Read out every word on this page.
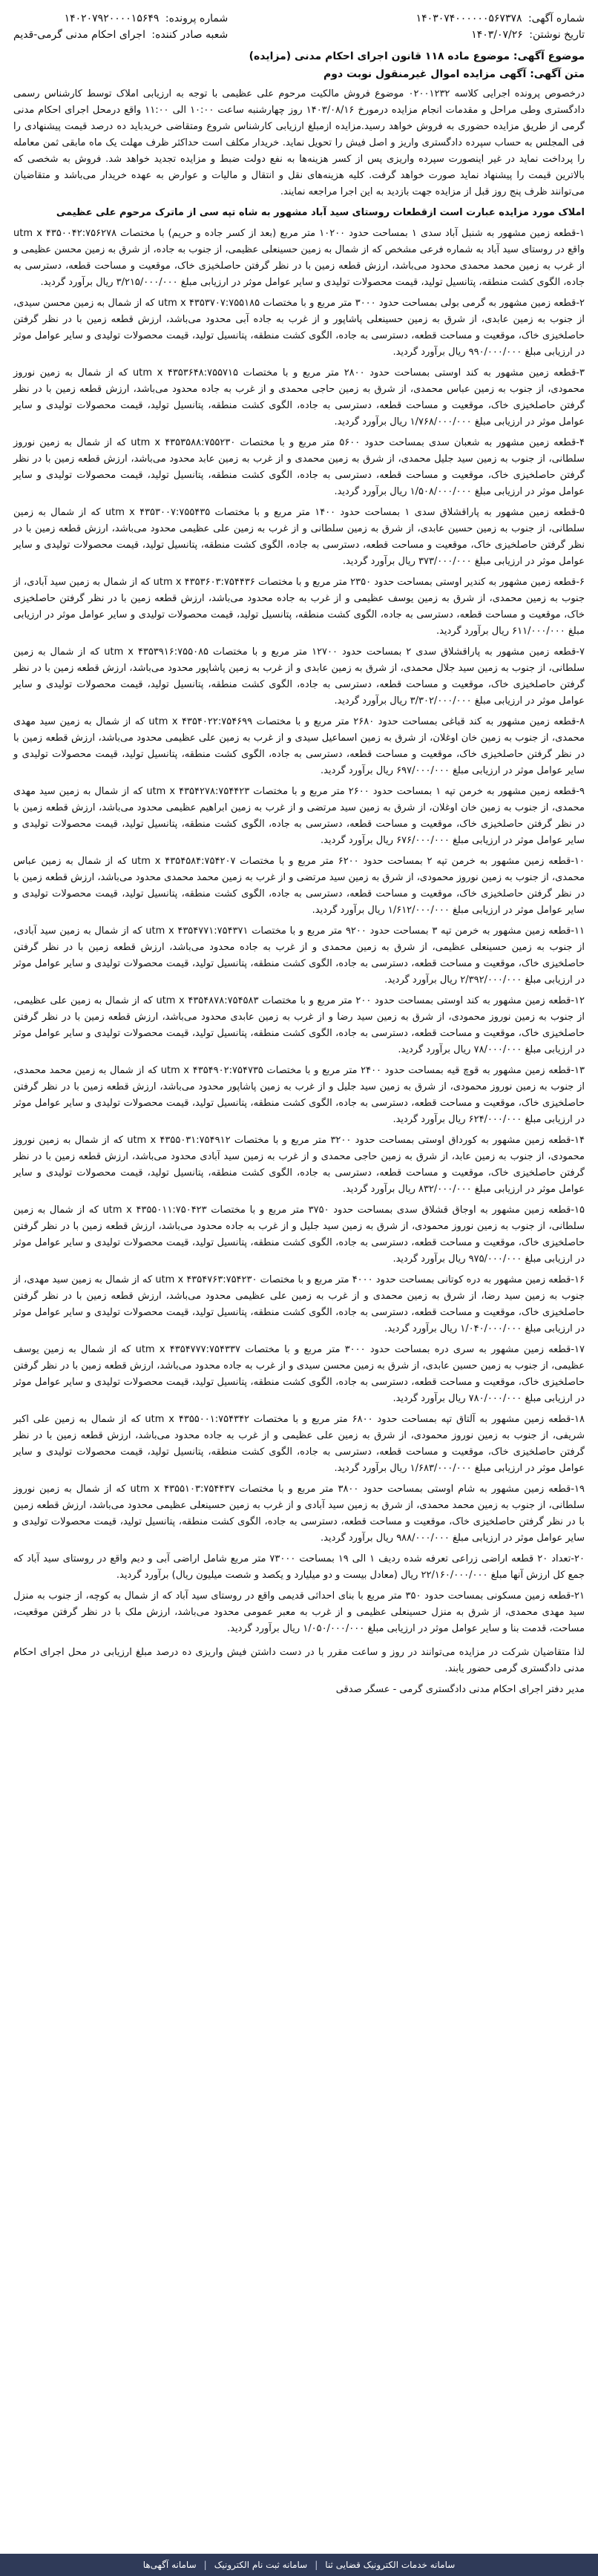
شماره آگهی: ۱۴۰۳۰۷۴۰۰۰۰۰۰۵۶۷۳۷۸
تاریخ نوشتن: ۱۴۰۳/۰۷/۲۶
شماره پرونده: ۱۴۰۲۰۷۹۲۰۰۰۰۱۵۶۴۹
شعبه صادر کننده: اجرای احکام مدنی گرمی-قدیم
موضوع آگهی: موضوع ماده ۱۱۸ قانون اجرای احکام مدنی (مزایده)
متن آگهی: آگهی مزایده اموال غیرمنقول نوبت دوم
درخصوص پرونده اجرایی کلاسه ۰۲۰۰۱۲۳۲ موضوع فروش مالکیت مرحوم علی عظیمی با توجه به ارزیابی املاک توسط کارشناس رسمی دادگستری وطی مراحل و مقدمات انجام مزایده درمورخ ۱۴۰۳/۰۸/۱۶ روز چهارشنبه ساعت ۱۰:۰۰ الی ۱۱:۰۰ واقع درمحل اجرای احکام مدنی گرمی از طریق مزایده حضوری به فروش خواهد رسید.مزایده ازمبلغ ارزیابی کارشناس شروع ومتقاضی خریدباید ده درصد قیمت پیشنهادی را فی المجلس به حساب سپرده دادگستری واریز و اصل فیش را تحویل نماید. خریدار مکلف است حداکثر ظرف مهلت یک ماه مابقی ثمن معامله را پرداخت نماید در غیر اینصورت سپرده واریزی پس از کسر هزینه‌ها به نفع دولت ضبط و مزایده تجدید خواهد شد. فروش به شخصی که بالاترین قیمت را پیشنهاد نماید صورت خواهد گرفت. کلیه هزینه‌های نقل و انتقال و مالیات و عوارض به عهده خریدار می‌باشد و متقاضیان می‌توانند ظرف پنج روز قبل از مزایده جهت بازدید به این اجرا مراجعه نمایند.
املاک مورد مزایده عبارت است ازقطعات روستای سید آباد مشهور به شاه تپه سی از ماترک مرحوم علی عظیمی
۱-قطعه زمین مشهور به شنبل آباد سدی ۱ بمساحت حدود ۱۰۲۰۰ متر مربع (بعد از کسر جاده و حریم) با مختصات ۷۵۶۲۷۸:utm x ۴۳۵۰۰۴۲ واقع در روستای سید آباد به شماره فرعی مشخص که از شمال به زمین حسینعلی عظیمی، از جنوب به جاده، از شرق به زمین محسن عظیمی و از غرب به زمین محمد محمدی محدود می‌باشد، ارزش قطعه زمین با در نظر گرفتن حاصلخیزی خاک، موقعیت و مساحت قطعه، دسترسی به جاده، الگوی کشت منطقه، پتانسیل تولید، قیمت محصولات تولیدی و سایر عوامل موثر در ارزیابی مبلغ ۳/۲۱۵/۰۰۰/۰۰۰ ریال برآورد گردید.
۲-قطعه زمین مشهور به گرمی بولی بمساحت حدود ۳۰۰۰ متر مربع و با مختصات ۷۵۵۱۸۵:utm x ۴۳۵۳۷۰۷ که از شمال به زمین محسن سیدی، از جنوب به زمین عابدی، از شرق به زمین حسینعلی پاشاپور و از غرب به جاده آبی محدود می‌باشد، ارزش قطعه زمین با در نظر گرفتن حاصلخیزی خاک، موقعیت و مساحت قطعه، دسترسی به جاده، الگوی کشت منطقه، پتانسیل تولید، قیمت محصولات تولیدی و سایر عوامل موثر در ارزیابی مبلغ ۹۹۰/۰۰۰/۰۰۰ ریال برآورد گردید.
۳-قطعه زمین مشهور به کند اوستی بمساحت حدود ۲۸۰۰ متر مربع و با مختصات ۷۵۵۷۱۵:utm x ۴۳۵۳۶۴۸ که از شمال به زمین نوروز محمودی، از جنوب به زمین عباس محمدی، از شرق به زمین حاجی محمدی و از غرب به جاده محدود می‌باشد، ارزش قطعه زمین با در نظر گرفتن حاصلخیزی خاک، موقعیت و مساحت قطعه، دسترسی به جاده، الگوی کشت منطقه، پتانسیل تولید، قیمت محصولات تولیدی و سایر عوامل موثر در ارزیابی مبلغ ۱/۷۶۸/۰۰۰/۰۰۰ ریال برآورد گردید.
۴-قطعه زمین مشهور به شعبان سدی بمساحت حدود ۵۶۰۰ متر مربع و با مختصات ۷۵۵۲۳۰:utm x ۴۳۵۳۵۸۸ که از شمال به زمین نوروز سلطانی، از جنوب به زمین سید جلیل محمدی، از شرق به زمین محمدی و از غرب به زمین عابد محدود می‌باشد، ارزش قطعه زمین با در نظر گرفتن حاصلخیزی خاک، موقعیت و مساحت قطعه، دسترسی به جاده، الگوی کشت منطقه، پتانسیل تولید، قیمت محصولات تولیدی و سایر عوامل موثر در ارزیابی مبلغ ۱/۵۰۸/۰۰۰/۰۰۰ ریال برآورد گردید.
۵-قطعه زمین مشهور به پاراقشلاق سدی ۱ بمساحت حدود ۱۴۰۰ متر مربع و با مختصات ۷۵۵۴۳۵:utm x ۴۳۵۳۰۰۷ که از شمال به زمین سلطانی، از جنوب به زمین حسین عابدی، از شرق به زمین سلطانی و از غرب به زمین علی عظیمی محدود می‌باشد، ارزش قطعه زمین با در نظر گرفتن حاصلخیزی خاک، موقعیت و مساحت قطعه، دسترسی به جاده، الگوی کشت منطقه، پتانسیل تولید، قیمت محصولات تولیدی و سایر عوامل موثر در ارزیابی مبلغ ۳۷۳/۰۰۰/۰۰۰ ریال برآورد گردید.
۶-قطعه زمین مشهور به کندیر اوستی بمساحت حدود ۲۳۵۰ متر مربع و با مختصات ۷۵۴۴۳۶:utm x ۴۳۵۳۶۰۳ که از شمال به زمین سید آبادی، از جنوب به زمین محمدی، از شرق به زمین یوسف عظیمی و از غرب به جاده محدود می‌باشد، ارزش قطعه زمین با در نظر گرفتن حاصلخیزی خاک، موقعیت و مساحت قطعه، دسترسی به جاده، الگوی کشت منطقه، پتانسیل تولید، قیمت محصولات تولیدی و سایر عوامل موثر در ارزیابی مبلغ ۶۱۱/۰۰۰/۰۰۰ ریال برآورد گردید.
۷-قطعه زمین مشهور به پاراقشلاق سدی ۲ بمساحت حدود ۱۲۷۰۰ متر مربع و با مختصات ۷۵۵۰۸۵:utm x ۴۳۵۳۹۱۶ که از شمال به زمین سلطانی، از جنوب به زمین سید جلال محمدی، از شرق به زمین عابدی و از غرب به زمین پاشاپور محدود می‌باشد، ارزش قطعه زمین با در نظر گرفتن حاصلخیزی خاک، موقعیت و مساحت قطعه، دسترسی به جاده، الگوی کشت منطقه، پتانسیل تولید، قیمت محصولات تولیدی و سایر عوامل موثر در ارزیابی مبلغ ۳/۳۰۲/۰۰۰/۰۰۰ ریال برآورد گردید.
۸-قطعه زمین مشهور به کند قباغی بمساحت حدود ۲۶۸۰ متر مربع و با مختصات ۷۵۴۶۹۹:utm x ۴۳۵۴۰۲۲ که از شمال به زمین سید مهدی محمدی، از جنوب به زمین خان اوغلان، از شرق به زمین اسماعیل سیدی و از غرب به زمین علی عظیمی محدود می‌باشد، ارزش قطعه زمین با در نظر گرفتن حاصلخیزی خاک، موقعیت و مساحت قطعه، دسترسی به جاده، الگوی کشت منطقه، پتانسیل تولید، قیمت محصولات تولیدی و سایر عوامل موثر در ارزیابی مبلغ ۶۹۷/۰۰۰/۰۰۰ ریال برآورد گردید.
۹-قطعه زمین مشهور به خرمن تپه ۱ بمساحت حدود ۲۶۰۰ متر مربع و با مختصات ۷۵۴۴۲۳:utm x ۴۳۵۴۲۷۸ که از شمال به زمین سید مهدی محمدی، از جنوب به زمین خان اوغلان، از شرق به زمین سید مرتضی و از غرب به زمین ابراهیم عظیمی محدود می‌باشد، ارزش قطعه زمین با در نظر گرفتن حاصلخیزی خاک، موقعیت و مساحت قطعه، دسترسی به جاده، الگوی کشت منطقه، پتانسیل تولید، قیمت محصولات تولیدی و سایر عوامل موثر در ارزیابی مبلغ ۶۷۶/۰۰۰/۰۰۰ ریال برآورد گردید.
۱۰-قطعه زمین مشهور به خرمن تپه ۲ بمساحت حدود ۶۲۰۰ متر مربع و با مختصات ۷۵۴۲۰۷:utm x ۴۳۵۴۵۸۴ که از شمال به زمین عباس محمدی، از جنوب به زمین نوروز محمودی، از شرق به زمین سید مرتضی و از غرب به زمین محمد محمدی محدود می‌باشد، ارزش قطعه زمین با در نظر گرفتن حاصلخیزی خاک، موقعیت و مساحت قطعه، دسترسی به جاده، الگوی کشت منطقه، پتانسیل تولید، قیمت محصولات تولیدی و سایر عوامل موثر در ارزیابی مبلغ ۱/۶۱۲/۰۰۰/۰۰۰ ریال برآورد گردید.
۱۱-قطعه زمین مشهور به خرمن تپه ۳ بمساحت حدود ۹۲۰۰ متر مربع و با مختصات ۷۵۴۳۷۱:utm x ۴۳۵۴۷۷۱ که از شمال به زمین سید آبادی، از جنوب به زمین حسینعلی عظیمی، از شرق به زمین محمدی و از غرب به جاده محدود می‌باشد، ارزش قطعه زمین با در نظر گرفتن حاصلخیزی خاک، موقعیت و مساحت قطعه، دسترسی به جاده، الگوی کشت منطقه، پتانسیل تولید، قیمت محصولات تولیدی و سایر عوامل موثر در ارزیابی مبلغ ۲/۳۹۲/۰۰۰/۰۰۰ ریال برآورد گردید.
۱۲-قطعه زمین مشهور به کند اوستی بمساحت حدود ۲۰۰ متر مربع و با مختصات ۷۵۴۵۸۳:utm x ۴۳۵۴۸۷۸ که از شمال به زمین علی عظیمی، از جنوب به زمین نوروز محمودی، از شرق به زمین سید رضا و از غرب به زمین عابدی محدود می‌باشد، ارزش قطعه زمین با در نظر گرفتن حاصلخیزی خاک، موقعیت و مساحت قطعه، دسترسی به جاده، الگوی کشت منطقه، پتانسیل تولید، قیمت محصولات تولیدی و سایر عوامل موثر در ارزیابی مبلغ ۷۸/۰۰۰/۰۰۰ ریال برآورد گردید.
۱۳-قطعه زمین مشهور به قوچ قیه بمساحت حدود ۲۴۰۰ متر مربع و با مختصات ۷۵۴۷۳۵:utm x ۴۳۵۴۹۰۲ که از شمال به زمین محمد محمدی، از جنوب به زمین نوروز محمودی، از شرق به زمین سید جلیل و از غرب به زمین پاشاپور محدود می‌باشد، ارزش قطعه زمین با در نظر گرفتن حاصلخیزی خاک، موقعیت و مساحت قطعه، دسترسی به جاده، الگوی کشت منطقه، پتانسیل تولید، قیمت محصولات تولیدی و سایر عوامل موثر در ارزیابی مبلغ ۶۲۴/۰۰۰/۰۰۰ ریال برآورد گردید.
۱۴-قطعه زمین مشهور به کورداق اوستی بمساحت حدود ۳۲۰۰ متر مربع و با مختصات ۷۵۴۹۱۲:utm x ۴۳۵۵۰۳۱ که از شمال به زمین نوروز محمودی، از جنوب به زمین عابد، از شرق به زمین حاجی محمدی و از غرب به زمین سید آبادی محدود می‌باشد، ارزش قطعه زمین با در نظر گرفتن حاصلخیزی خاک، موقعیت و مساحت قطعه، دسترسی به جاده، الگوی کشت منطقه، پتانسیل تولید، قیمت محصولات تولیدی و سایر عوامل موثر در ارزیابی مبلغ ۸۳۲/۰۰۰/۰۰۰ ریال برآورد گردید.
۱۵-قطعه زمین مشهور به اوجاق قشلاق سدی بمساحت حدود ۳۷۵۰ متر مربع و با مختصات ۷۵۰۴۲۳:utm x ۴۳۵۵۰۱۱ که از شمال به زمین سلطانی، از جنوب به زمین نوروز محمودی، از شرق به زمین سید جلیل و از غرب به جاده محدود می‌باشد، ارزش قطعه زمین با در نظر گرفتن حاصلخیزی خاک، موقعیت و مساحت قطعه، دسترسی به جاده، الگوی کشت منطقه، پتانسیل تولید، قیمت محصولات تولیدی و سایر عوامل موثر در ارزیابی مبلغ ۹۷۵/۰۰۰/۰۰۰ ریال برآورد گردید.
۱۶-قطعه زمین مشهور به دره کوتانی بمساحت حدود ۴۰۰۰ متر مربع و با مختصات ۷۵۴۲۳۰:utm x ۴۳۵۴۷۶۳ که از شمال به زمین سید مهدی، از جنوب به زمین سید رضا، از شرق به زمین محمدی و از غرب به زمین علی عظیمی محدود می‌باشد، ارزش قطعه زمین با در نظر گرفتن حاصلخیزی خاک، موقعیت و مساحت قطعه، دسترسی به جاده، الگوی کشت منطقه، پتانسیل تولید، قیمت محصولات تولیدی و سایر عوامل موثر در ارزیابی مبلغ ۱/۰۴۰/۰۰۰/۰۰۰ ریال برآورد گردید.
۱۷-قطعه زمین مشهور به سری دره بمساحت حدود ۳۰۰۰ متر مربع و با مختصات ۷۵۴۳۳۷:utm x ۴۳۵۴۷۷۷ که از شمال به زمین یوسف عظیمی، از جنوب به زمین حسین عابدی، از شرق به زمین محسن سیدی و از غرب به جاده محدود می‌باشد، ارزش قطعه زمین با در نظر گرفتن حاصلخیزی خاک، موقعیت و مساحت قطعه، دسترسی به جاده، الگوی کشت منطقه، پتانسیل تولید، قیمت محصولات تولیدی و سایر عوامل موثر در ارزیابی مبلغ ۷۸۰/۰۰۰/۰۰۰ ریال برآورد گردید.
۱۸-قطعه زمین مشهور به آلتاق تپه بمساحت حدود ۶۸۰۰ متر مربع و با مختصات ۷۵۴۳۴۲:utm x ۴۳۵۵۰۰۱ که از شمال به زمین علی اکبر شریفی، از جنوب به زمین نوروز محمودی، از شرق به زمین علی عظیمی و از غرب به جاده محدود می‌باشد، ارزش قطعه زمین با در نظر گرفتن حاصلخیزی خاک، موقعیت و مساحت قطعه، دسترسی به جاده، الگوی کشت منطقه، پتانسیل تولید، قیمت محصولات تولیدی و سایر عوامل موثر در ارزیابی مبلغ ۱/۶۸۳/۰۰۰/۰۰۰ ریال برآورد گردید.
۱۹-قطعه زمین مشهور به شام اوستی بمساحت حدود ۳۸۰۰ متر مربع و با مختصات ۷۵۴۴۳۷:utm x ۴۳۵۵۱۰۳ که از شمال به زمین نوروز سلطانی، از جنوب به زمین محمد محمدی، از شرق به زمین سید آبادی و از غرب به زمین حسینعلی عظیمی محدود می‌باشد، ارزش قطعه زمین با در نظر گرفتن حاصلخیزی خاک، موقعیت و مساحت قطعه، دسترسی به جاده، الگوی کشت منطقه، پتانسیل تولید، قیمت محصولات تولیدی و سایر عوامل موثر در ارزیابی مبلغ ۹۸۸/۰۰۰/۰۰۰ ریال برآورد گردید.
۲۰-تعداد ۲۰ قطعه اراضی زراعی تعرفه شده ردیف ۱ الی ۱۹ بمساحت ۷۳۰۰۰ متر مربع شامل اراضی آبی و دیم واقع در روستای سید آباد که جمع کل ارزش آنها مبلغ ۲۲/۱۶۰/۰۰۰/۰۰۰ ریال (معادل بیست و دو میلیارد و یکصد و شصت میلیون ریال) برآورد گردید.
۲۱-قطعه زمین مسکونی بمساحت حدود ۳۵۰ متر مربع با بنای احداثی قدیمی واقع در روستای سید آباد که از شمال به کوچه، از جنوب به منزل سید مهدی محمدی، از شرق به منزل حسینعلی عظیمی و از غرب به معبر عمومی محدود می‌باشد، ارزش ملک با در نظر گرفتن موقعیت، مساحت، قدمت بنا و سایر عوامل موثر در ارزیابی مبلغ ۱/۰۵۰/۰۰۰/۰۰۰ ریال برآورد گردید.
لذا متقاضیان شرکت در مزایده می‌توانند در روز و ساعت مقرر با در دست داشتن فیش واریزی ده درصد مبلغ ارزیابی در محل اجرای احکام مدنی دادگستری گرمی حضور یابند.
مدیر دفتر اجرای احکام مدنی دادگستری گرمی - عسگر صدقی
سامانه خدمات الکترونیک قضایی ثنا
|
سامانه ثبت نام الکترونیک
|
سامانه آگهی‌ها
